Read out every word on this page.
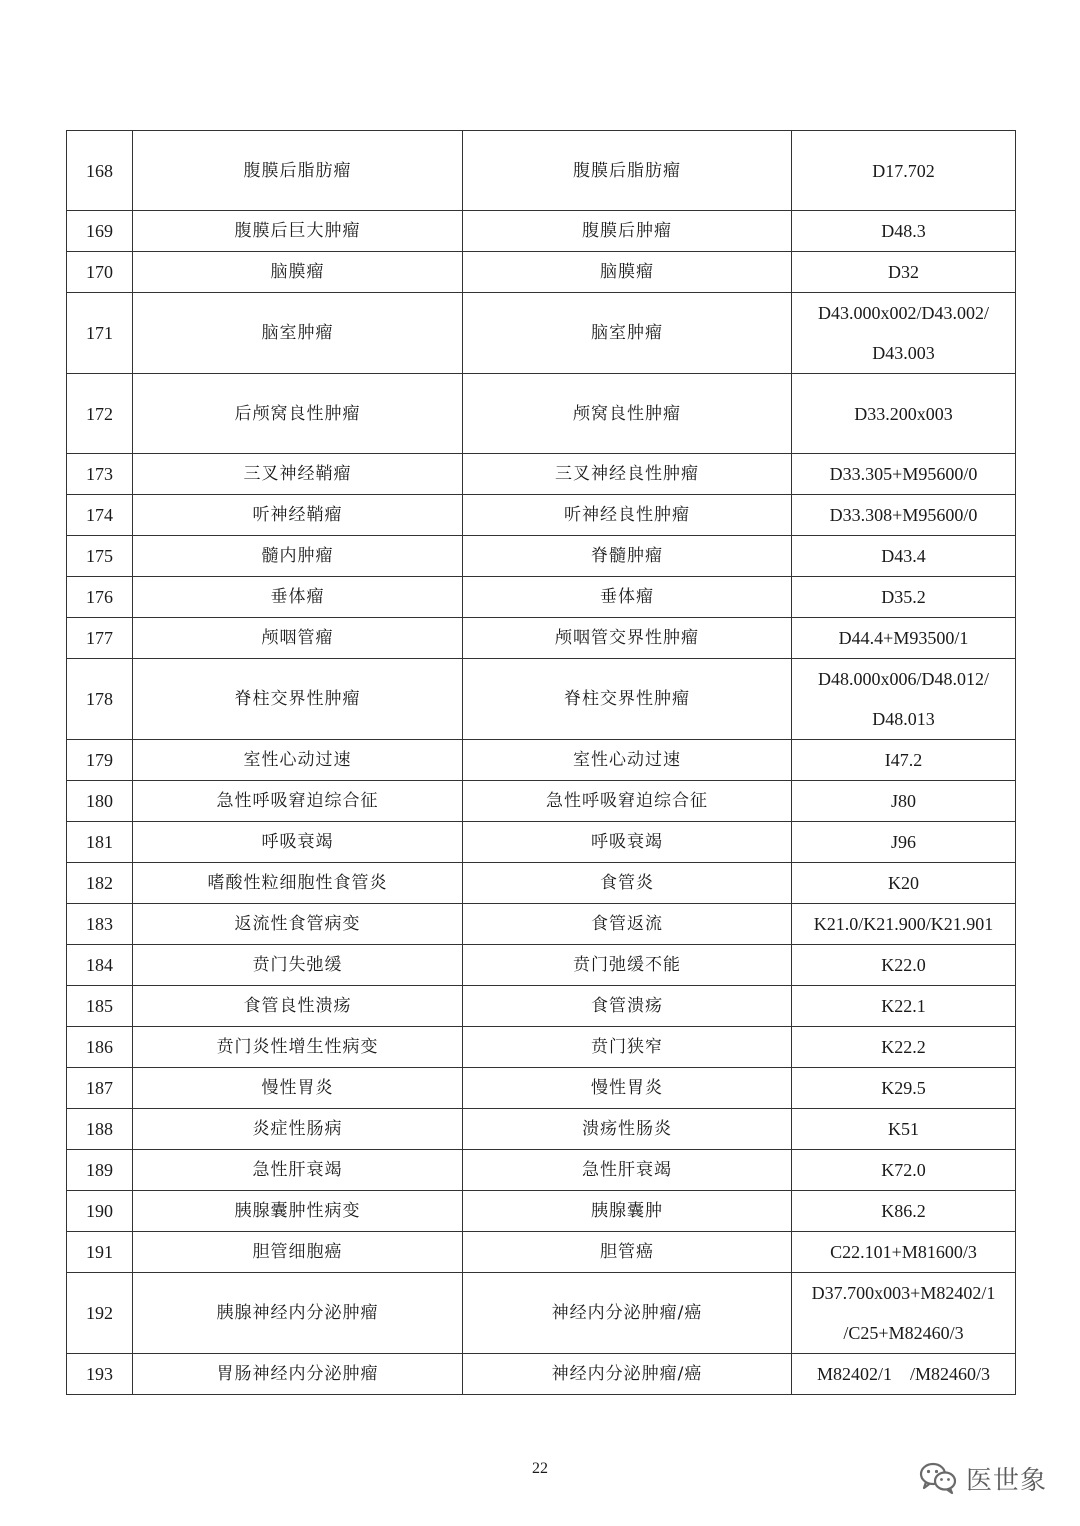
168	腹膜后脂肪瘤	腹膜后脂肪瘤	D17.702

169	腹膜后巨大肿瘤	腹膜后肿瘤	D48.3

170	脑膜瘤	脑膜瘤	D32

171	脑室肿瘤	脑室肿瘤	D43.000x002/D43.002/
D43.003

172	后颅窝良性肿瘤	颅窝良性肿瘤	D33.200x003

173	三叉神经鞘瘤	三叉神经良性肿瘤	D33.305+M95600/0

174	听神经鞘瘤	听神经良性肿瘤	D33.308+M95600/0

175	髓内肿瘤	脊髓肿瘤	D43.4

176	垂体瘤	垂体瘤	D35.2

177	颅咽管瘤	颅咽管交界性肿瘤	D44.4+M93500/1

178	脊柱交界性肿瘤	脊柱交界性肿瘤	D48.000x006/D48.012/
D48.013

179	室性心动过速	室性心动过速	I47.2

180	急性呼吸窘迫综合征	急性呼吸窘迫综合征	J80

181	呼吸衰竭	呼吸衰竭	J96

182	嗜酸性粒细胞性食管炎	食管炎	K20

183	返流性食管病变	食管返流	K21.0/K21.900/K21.901

184	贲门失弛缓	贲门弛缓不能	K22.0

185	食管良性溃疡	食管溃疡	K22.1

186	贲门炎性增生性病变	贲门狭窄	K22.2

187	慢性胃炎	慢性胃炎	K29.5

188	炎症性肠病	溃疡性肠炎	K51

189	急性肝衰竭	急性肝衰竭	K72.0

190	胰腺囊肿性病变	胰腺囊肿	K86.2

191	胆管细胞癌	胆管癌	C22.101+M81600/3

192	胰腺神经内分泌肿瘤	神经内分泌肿瘤/癌	D37.700x003+M82402/1
/C25+M82460/3

193	胃肠神经内分泌肿瘤	神经内分泌肿瘤/癌	M82402/1　/M82460/3
22	医世象
